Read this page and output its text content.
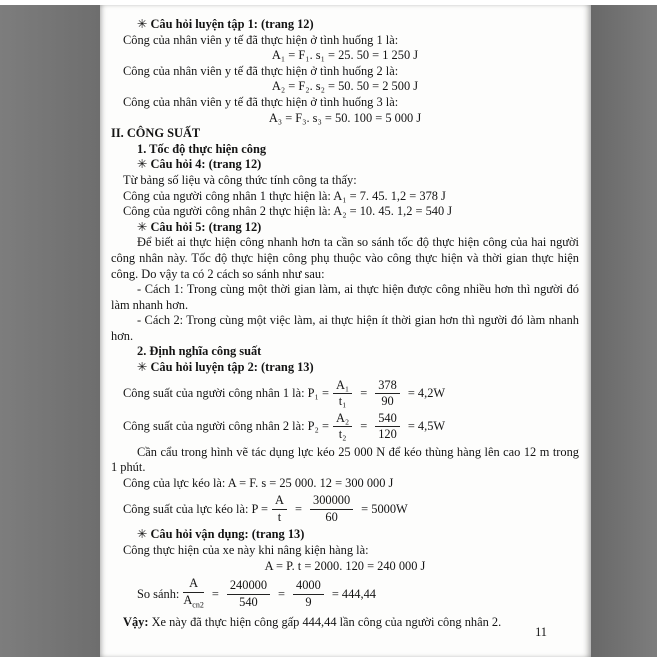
✳ Câu hỏi luyện tập 1: (trang 12)

Công của nhân viên y tế đã thực hiện ở tình huống 1 là:

A₁ = F₁. s₁ = 25. 50 = 1 250 J

Công của nhân viên y tế đã thực hiện ở tình huống 2 là:

A₂ = F₂. s₂ = 50. 50 = 2 500 J

Công của nhân viên y tế đã thực hiện ở tình huống 3 là:

A₃ = F₃. s₃ = 50. 100 = 5 000 J

II. CÔNG SUẤT

1. Tốc độ thực hiện công

✳ Câu hỏi 4: (trang 12)

Từ bảng số liệu và công thức tính công ta thấy:

Công của người công nhân 1 thực hiện là: A₁ = 7. 45. 1,2 = 378 J

Công của người công nhân 2 thực hiện là: A₂ = 10. 45. 1,2 = 540 J

✳ Câu hỏi 5: (trang 12)

Để biết ai thực hiện công nhanh hơn ta cần so sánh tốc độ thực hiện công của hai người công nhân này. Tốc độ thực hiện công phụ thuộc vào công thực hiện và thời gian thực hiện công. Do vậy ta có 2 cách so sánh như sau:

- Cách 1: Trong cùng một thời gian làm, ai thực hiện được công nhiều hơn thì người đó làm nhanh hơn.

- Cách 2: Trong cùng một việc làm, ai thực hiện ít thời gian hơn thì người đó làm nhanh hơn.

2. Định nghĩa công suất

✳ Câu hỏi luyện tập 2: (trang 13)

Công suất của người công nhân 1 là: $P_1 = \frac{\text{A₁}}{\text{t₁}} = \frac{378}{90} = 4,2W$
Công suất của người công nhân 2 là: $P_2 = \frac{\text{A₂}}{\text{t₂}} = \frac{540}{120} = 4,5W$

Cần cẩu trong hình vẽ tác dụng lực kéo 25 000 N để kéo thùng hàng lên cao 12 m trong 1 phút.

Công của lực kéo là: A = F. s = 25 000. 12 = 300 000 J

Công suất của lực kéo là: $P = \frac{A}{t} = \frac{300000}{60} = 5000W$

✳ Câu hỏi vận dụng: (trang 13)

Công thực hiện của xe này khi nâng kiện hàng là:

A = P. t = 2000. 120 = 240 000 J

So sánh: $\frac{A}{A_{cn2}} = \frac{240000}{540} = \frac{4000}{9} = 444,44$

Vậy: Xe này đã thực hiện công gấp 444,44 lần công của người công nhân 2.

11
